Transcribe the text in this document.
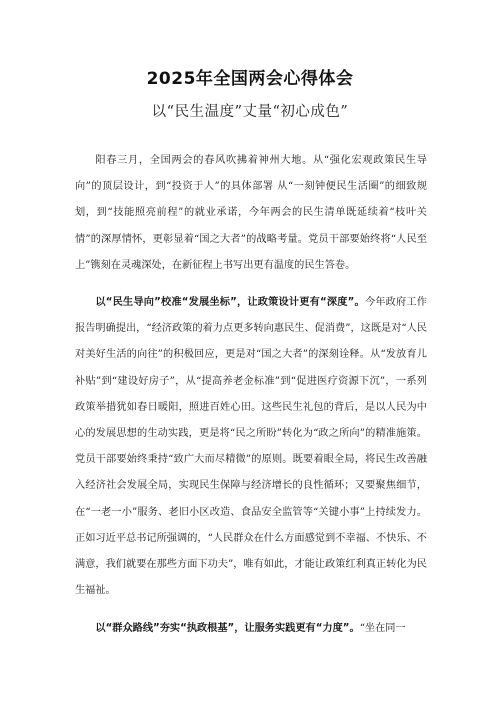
2025年全国两会心得体会
以“民生温度”丈量“初心成色”

阳春三月，全国两会的春风吹拂着神州大地。从“强化宏观政策民生导向”的顶层设计，到“投资于人”的具体部署 从“一刻钟便民生活圈”的细致规划，到“技能照亮前程”的就业承诺，今年两会的民生清单既延续着“枝叶关情”的深厚情怀，更彰显着“国之大者”的战略考量。党员干部要始终将“人民至上”镌刻在灵魂深处，在新征程上书写出更有温度的民生答卷。

以“民生导向”校准“发展坐标”，让政策设计更有“深度”。今年政府工作报告明确提出，“经济政策的着力点更多转向惠民生、促消费”，这既是对“人民对美好生活的向往”的积极回应，更是对“国之大者”的深刻诠释。从“发放育儿补贴”到“建设好房子”，从“提高养老金标准”到“促进医疗资源下沉”，一系列政策举措犹如春日暖阳，照进百姓心田。这些民生礼包的背后，是以人民为中心的发展思想的生动实践，更是将“民之所盼”转化为“政之所向”的精准施策。党员干部要始终秉持“致广大而尽精微”的原则。既要着眼全局，将民生改善融入经济社会发展全局，实现民生保障与经济增长的良性循环；又要聚焦细节，在“一老一小”服务、老旧小区改造、食品安全监管等“关键小事”上持续发力。正如习近平总书记所强调的，“人民群众在什么方面感觉到不幸福、不快乐、不满意，我们就要在那些方面下功夫”，唯有如此，才能让政策红利真正转化为民生福祉。

以“群众路线”夯实“执政根基”，让服务实践更有“力度”。“坐在同一
